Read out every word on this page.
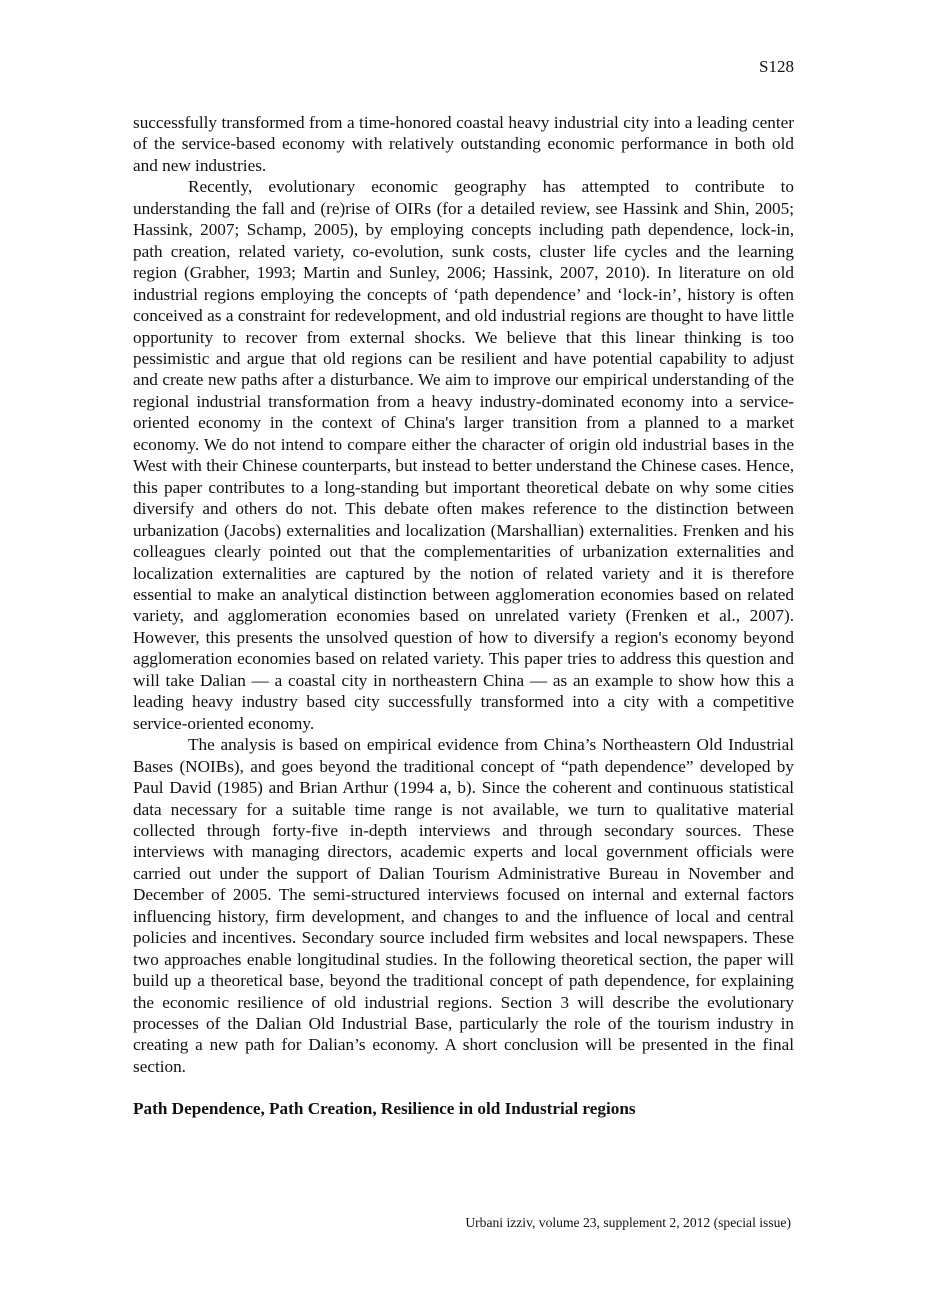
S128

successfully transformed from a time-honored coastal heavy industrial city into a leading center of the service-based economy with relatively outstanding economic performance in both old and new industries.

Recently, evolutionary economic geography has attempted to contribute to understanding the fall and (re)rise of OIRs (for a detailed review, see Hassink and Shin, 2005; Hassink, 2007; Schamp, 2005), by employing concepts including path dependence, lock-in, path creation, related variety, co-evolution, sunk costs, cluster life cycles and the learning region (Grabher, 1993; Martin and Sunley, 2006; Hassink, 2007, 2010). In literature on old industrial regions employing the concepts of ‘path dependence’ and ‘lock-in’, history is often conceived as a constraint for redevelopment, and old industrial regions are thought to have little opportunity to recover from external shocks. We believe that this linear thinking is too pessimistic and argue that old regions can be resilient and have potential capability to adjust and create new paths after a disturbance. We aim to improve our empirical understanding of the regional industrial transformation from a heavy industry-dominated economy into a service-oriented economy in the context of China's larger transition from a planned to a market economy. We do not intend to compare either the character of origin old industrial bases in the West with their Chinese counterparts, but instead to better understand the Chinese cases. Hence, this paper contributes to a long-standing but important theoretical debate on why some cities diversify and others do not. This debate often makes reference to the distinction between urbanization (Jacobs) externalities and localization (Marshallian) externalities. Frenken and his colleagues clearly pointed out that the complementarities of urbanization externalities and localization externalities are captured by the notion of related variety and it is therefore essential to make an analytical distinction between agglomeration economies based on related variety, and agglomeration economies based on unrelated variety (Frenken et al., 2007). However, this presents the unsolved question of how to diversify a region's economy beyond agglomeration economies based on related variety. This paper tries to address this question and will take Dalian — a coastal city in northeastern China — as an example to show how this a leading heavy industry based city successfully transformed into a city with a competitive service-oriented economy.

The analysis is based on empirical evidence from China’s Northeastern Old Industrial Bases (NOIBs), and goes beyond the traditional concept of “path dependence” developed by Paul David (1985) and Brian Arthur (1994 a, b). Since the coherent and continuous statistical data necessary for a suitable time range is not available, we turn to qualitative material collected through forty-five in-depth interviews and through secondary sources. These interviews with managing directors, academic experts and local government officials were carried out under the support of Dalian Tourism Administrative Bureau in November and December of 2005. The semi-structured interviews focused on internal and external factors influencing history, firm development, and changes to and the influence of local and central policies and incentives. Secondary source included firm websites and local newspapers. These two approaches enable longitudinal studies. In the following theoretical section, the paper will build up a theoretical base, beyond the traditional concept of path dependence, for explaining the economic resilience of old industrial regions. Section 3 will describe the evolutionary processes of the Dalian Old Industrial Base, particularly the role of the tourism industry in creating a new path for Dalian’s economy. A short conclusion will be presented in the final section.

Path Dependence, Path Creation, Resilience in old Industrial regions
Urbani izziv, volume 23, supplement 2, 2012 (special issue)
